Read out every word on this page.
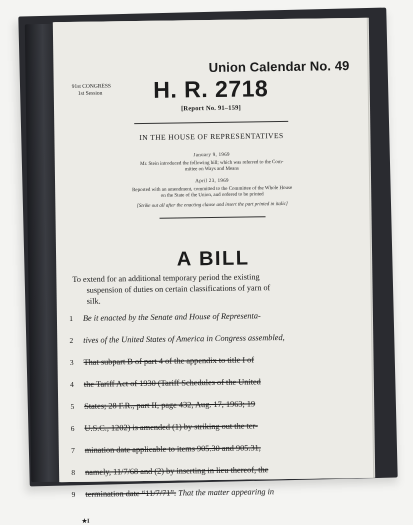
Union Calendar No. 49
91st CONGRESS
1st Session	H. R. 2718
[Report No. 91–159]
IN THE HOUSE OF REPRESENTATIVES
January 9, 1969
Mr. Stein introduced the following bill; which was referred to the Com-
mittee on Ways and Means
April 23, 1969
Reported with an amendment, committed to the Committee of the Whole House
on the State of the Union, and ordered to be printed
[Strike out all after the enacting clause and insert the part printed in italic]
A BILL
To extend for an additional temporary period the existing
suspension of duties on certain classifications of yarn of
silk.
1 Be it enacted by the Senate and House of Representa-
2 tives of the United States of America in Congress assembled,
3 That subpart B of part 4 of the appendix to title I of
4 the Tariff Act of 1930 (Tariff Schedules of the United
5 States; 28 F.R., part II, page 432, Aug. 17, 1963; 19
6 U.S.C., 1202) is amended (1) by striking out the ter-
7 mination date applicable to items 905.30 and 905.31,
8 namely, 11/7/68 and (2) by inserting in lieu thereof, the
9 termination date “11/7/71”. That the matter appearing in
★I
